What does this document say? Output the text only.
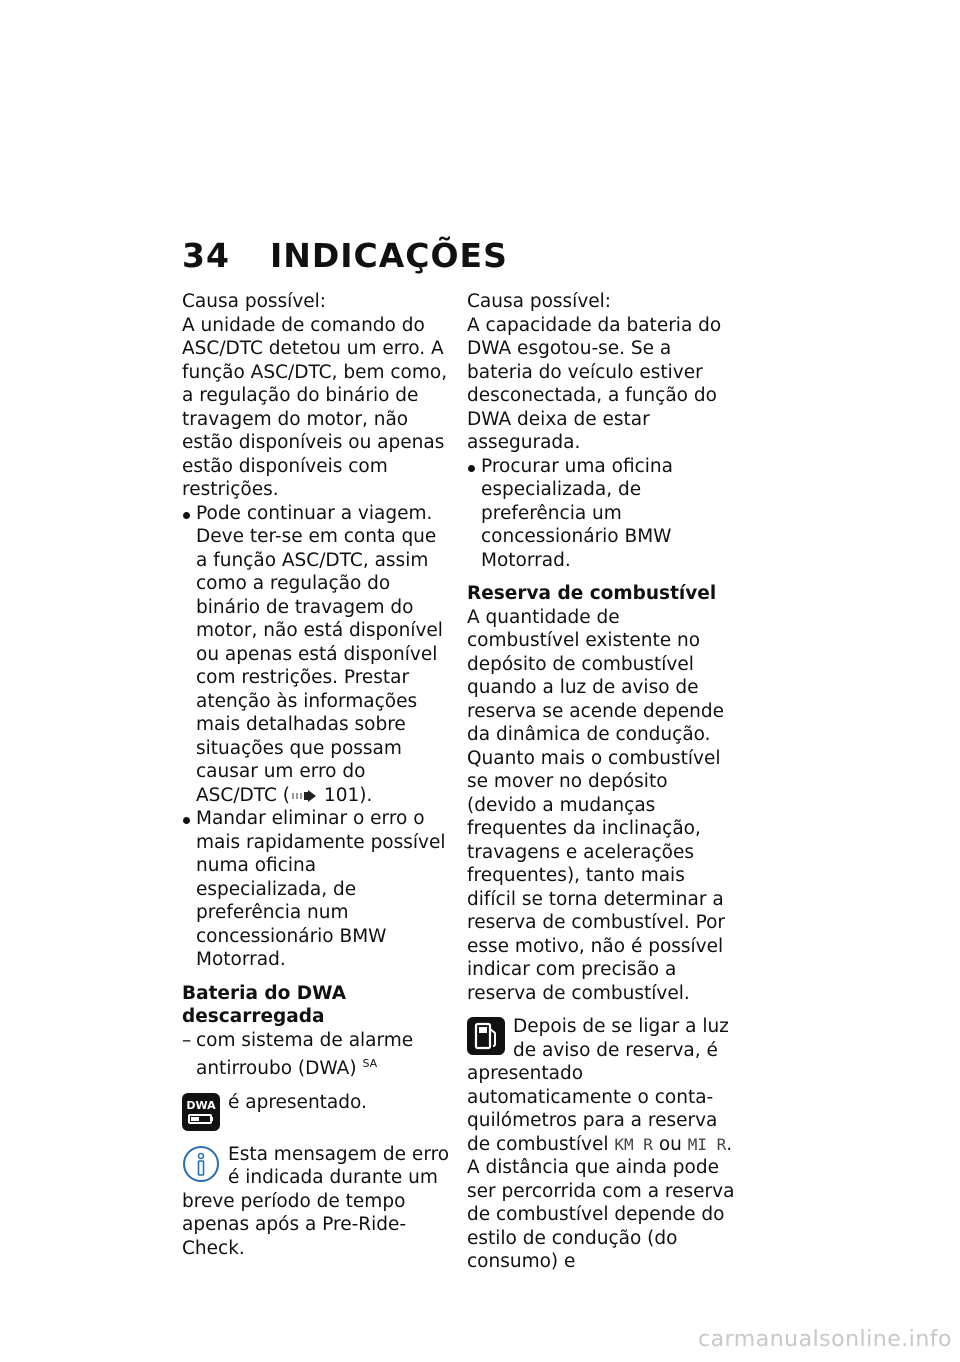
34 INDICAÇÕES

Causa possível:

A unidade de comando do ASC/DTC detetou um erro. A função ASC/DTC, bem como, a regulação do binário de travagem do motor, não estão disponíveis ou apenas estão disponíveis com restrições.

Pode continuar a viagem. Deve ter-se em conta que a função ASC/DTC, assim como a regulação do binário de travagem do motor, não está disponível ou apenas está disponível com restrições. Prestar atenção às informações mais detalhadas sobre situações que possam causar um erro do ASC/DTC ( 101).

Mandar eliminar o erro o mais rapidamente possível numa oficina especializada, de preferência num concessionário BMW Motorrad.

Bateria do DWA descarregada

– com sistema de alarme antirroubo (DWA) $^{SA}$

DWA é apresentado.

Esta mensagem de erro é indicada durante um breve período de tempo apenas após a Pre-Ride-Check.

Causa possível:

A capacidade da bateria do DWA esgotou-se. Se a bateria do veículo estiver desconectada, a função do DWA deixa de estar assegurada.

Procurar uma oficina especializada, de preferência um concessionário BMW Motorrad.

Reserva de combustível

A quantidade de combustível existente no depósito de combustível quando a luz de aviso de reserva se acende depende da dinâmica de condução. Quanto mais o combustível se mover no depósito (devido a mudanças frequentes da inclinação, travagens e acelerações frequentes), tanto mais difícil se torna determinar a reserva de combustível. Por esse motivo, não é possível indicar com precisão a reserva de combustível.

Depois de se ligar a luz de aviso de reserva, é apresentado automaticamente o conta-quilómetros para a reserva de combustível KM R ou MI R.

A distância que ainda pode ser percorrida com a reserva de combustível depende do estilo de condução (do consumo) e

carmanualsonline.info
